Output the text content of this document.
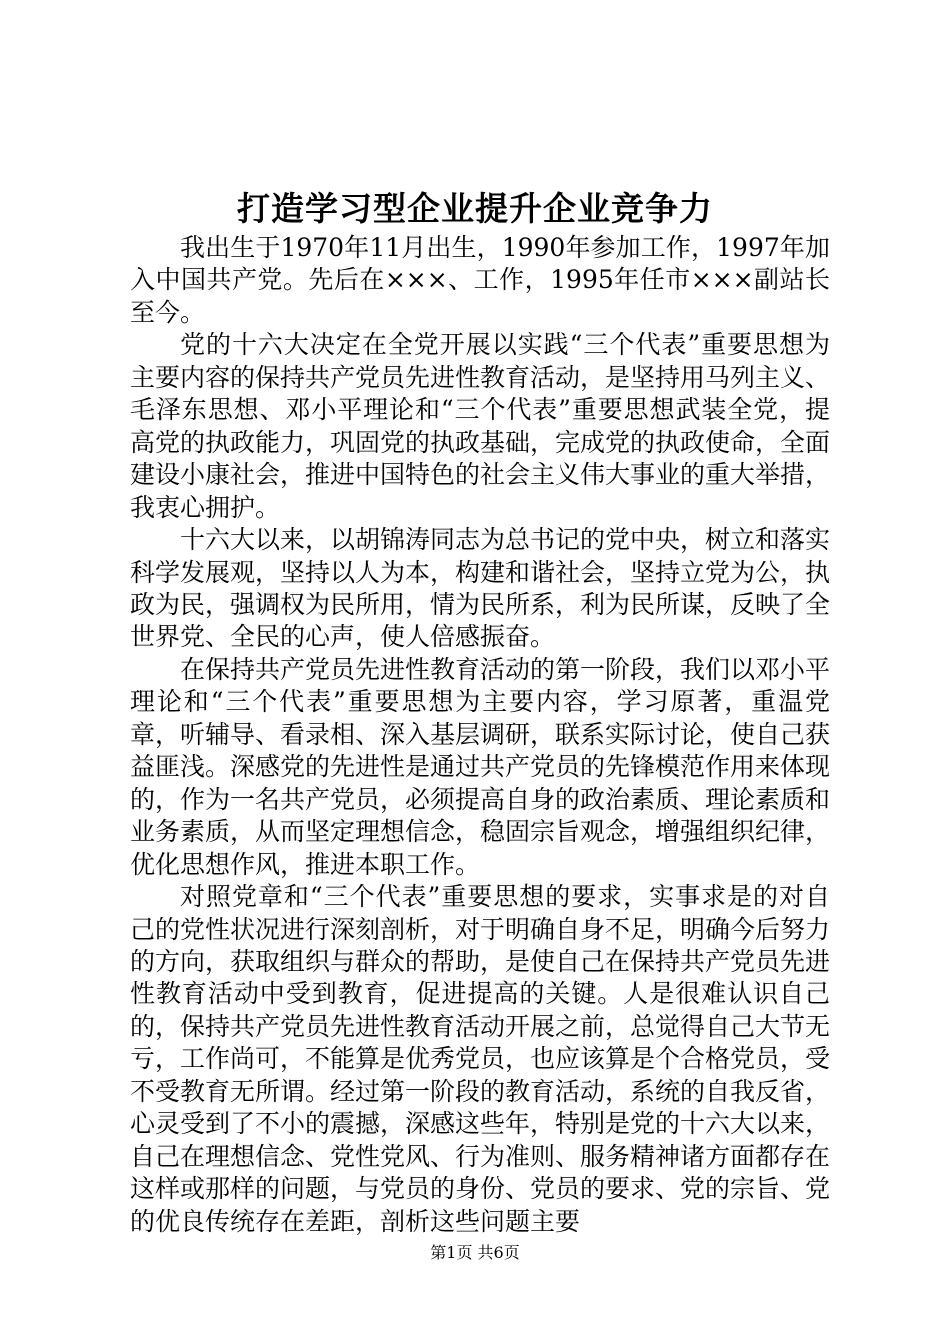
打造学习型企业提升企业竞争力

我出生于1970年11月出生，1990年参加工作，1997年加入中国共产党。先后在×××、工作，1995年任市×××副站长至今。

党的十六大决定在全党开展以实践“三个代表”重要思想为主要内容的保持共产党员先进性教育活动，是坚持用马列主义、毛泽东思想、邓小平理论和“三个代表”重要思想武装全党，提高党的执政能力，巩固党的执政基础，完成党的执政使命，全面建设小康社会，推进中国特色的社会主义伟大事业的重大举措，我衷心拥护。

十六大以来，以胡锦涛同志为总书记的党中央，树立和落实科学发展观，坚持以人为本，构建和谐社会，坚持立党为公，执政为民，强调权为民所用，情为民所系，利为民所谋，反映了全世界党、全民的心声，使人倍感振奋。

在保持共产党员先进性教育活动的第一阶段，我们以邓小平理论和“三个代表”重要思想为主要内容，学习原著，重温党章，听辅导、看录相、深入基层调研，联系实际讨论，使自己获益匪浅。深感党的先进性是通过共产党员的先锋模范作用来体现的，作为一名共产党员，必须提高自身的政治素质、理论素质和业务素质，从而坚定理想信念，稳固宗旨观念，增强组织纪律，优化思想作风，推进本职工作。

对照党章和“三个代表”重要思想的要求，实事求是的对自己的党性状况进行深刻剖析，对于明确自身不足，明确今后努力的方向，获取组织与群众的帮助，是使自己在保持共产党员先进性教育活动中受到教育，促进提高的关键。人是很难认识自己的，保持共产党员先进性教育活动开展之前，总觉得自己大节无亏，工作尚可，不能算是优秀党员，也应该算是个合格党员，受不受教育无所谓。经过第一阶段的教育活动，系统的自我反省，心灵受到了不小的震撼，深感这些年，特别是党的十六大以来，自己在理想信念、党性党风、行为准则、服务精神诸方面都存在这样或那样的问题，与党员的身份、党员的要求、党的宗旨、党的优良传统存在差距，剖析这些问题主要

第1页 共6页
